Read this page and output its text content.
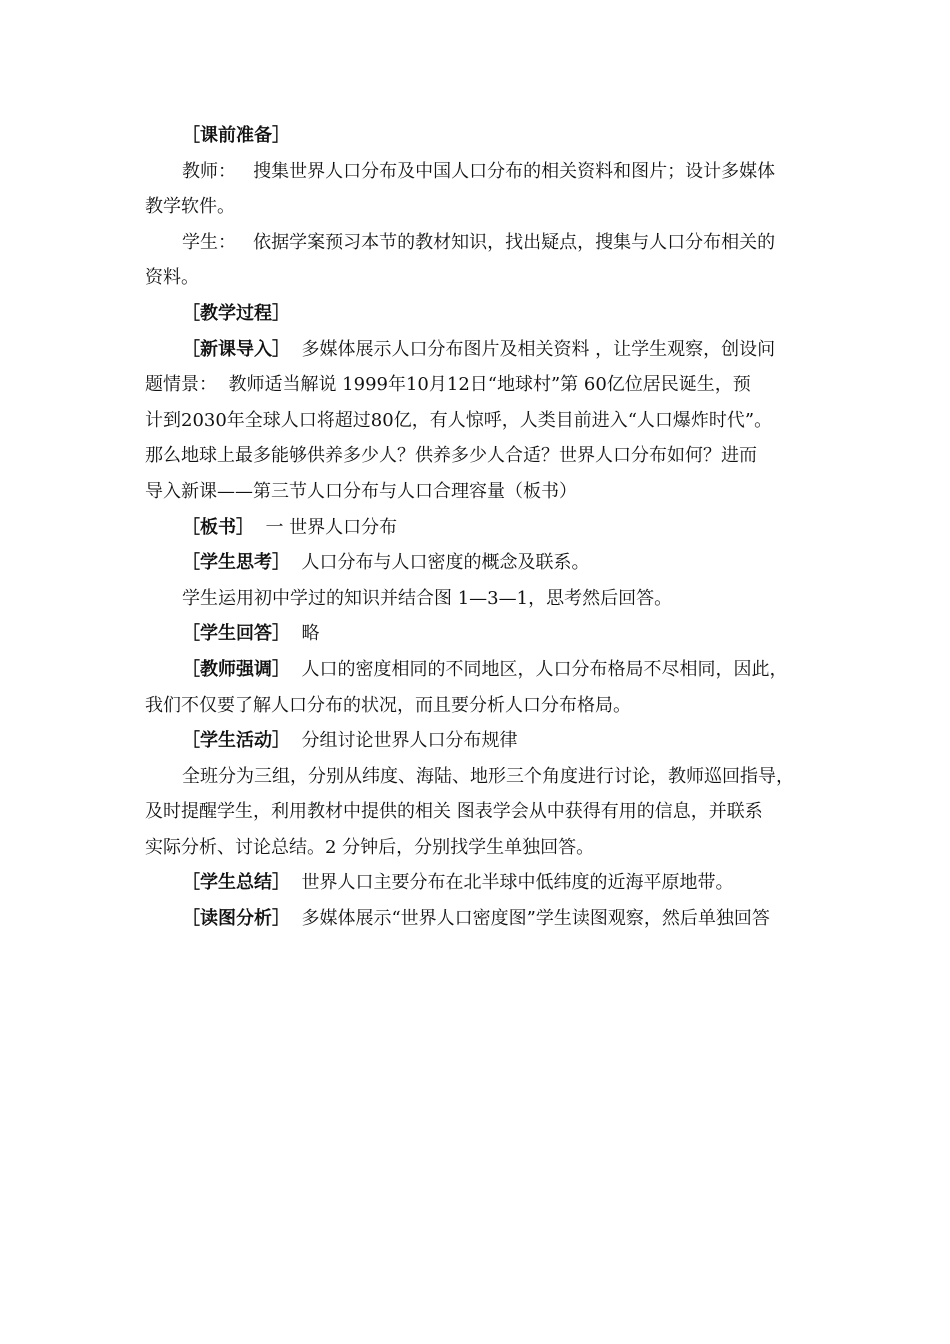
［课前准备］
教师：   搜集世界人口分布及中国人口分布的相关资料和图片；设计多媒体
教学软件。
学生：   依据学案预习本节的教材知识，找出疑点，搜集与人口分布相关的
资料。
［教学过程］
［新课导入］ 多媒体展示人口分布图片及相关资料 ，让学生观察，创设问
题情景：  教师适当解说 1999年10月12日“地球村”第 60亿位居民诞生，预
计到2030年全球人口将超过80亿，有人惊呼，人类目前进入“人口爆炸时代”。
那么地球上最多能够供养多少人？供养多少人合适？世界人口分布如何？进而
导入新课——第三节人口分布与人口合理容量（板书）
［板书］ 一 世界人口分布
［学生思考］ 人口分布与人口密度的概念及联系。
学生运用初中学过的知识并结合图 1—3—1，思考然后回答。
［学生回答］ 略
［教师强调］ 人口的密度相同的不同地区，人口分布格局不尽相同，因此，
我们不仅要了解人口分布的状况，而且要分析人口分布格局。
［学生活动］ 分组讨论世界人口分布规律
全班分为三组，分别从纬度、海陆、地形三个角度进行讨论，教师巡回指导，
及时提醒学生，利用教材中提供的相关 图表学会从中获得有用的信息，并联系
实际分析、讨论总结。2 分钟后，分别找学生单独回答。
［学生总结］ 世界人口主要分布在北半球中低纬度的近海平原地带。
［读图分析］ 多媒体展示“世界人口密度图”学生读图观察，然后单独回答
